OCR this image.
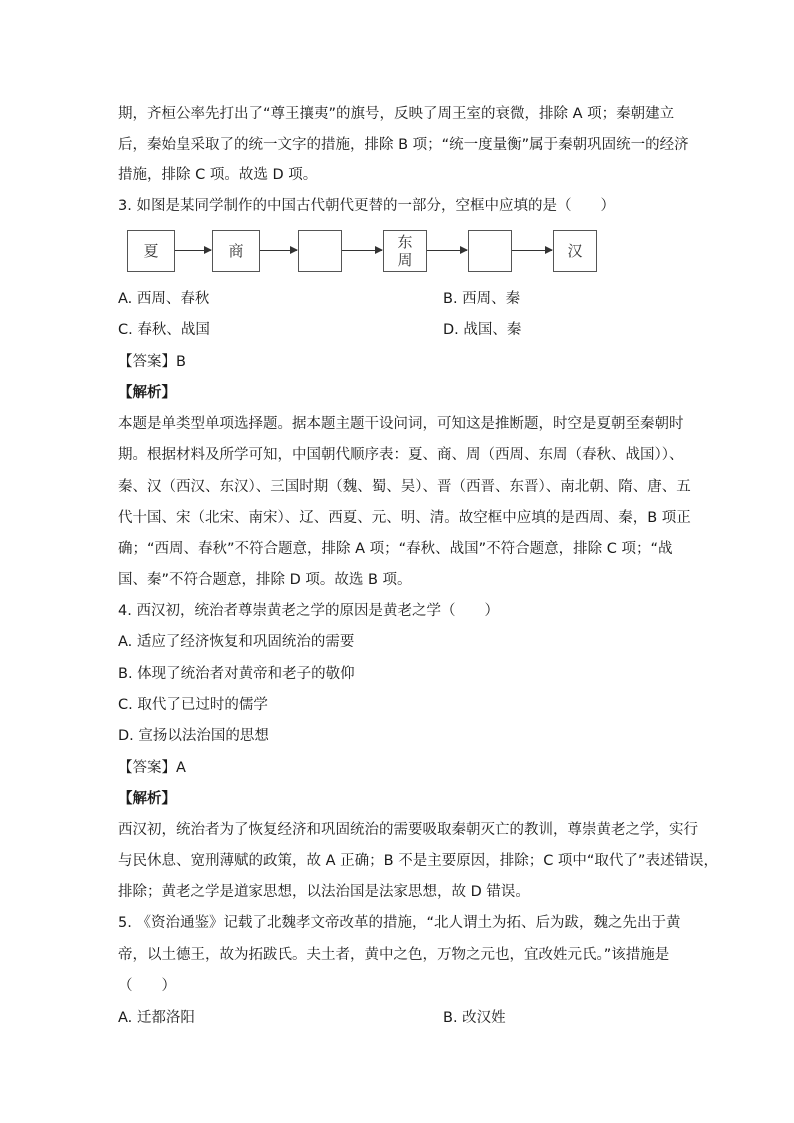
期，齐桓公率先打出了“尊王攘夷”的旗号，反映了周王室的衰微，排除 A 项；秦朝建立
后，秦始皇采取了的统一文字的措施，排除 B 项；“统一度量衡”属于秦朝巩固统一的经济
措施，排除 C 项。故选 D 项。
3. 如图是某同学制作的中国古代朝代更替的一部分，空框中应填的是（　　）
夏	商	东
周	汉
A. 西周、春秋	B. 西周、秦
C. 春秋、战国	D. 战国、秦
【答案】B
【解析】
本题是单类型单项选择题。据本题主题干设问词，可知这是推断题，时空是夏朝至秦朝时
期。根据材料及所学可知，中国朝代顺序表：夏、商、周（西周、东周（春秋、战国））、
秦、汉（西汉、东汉）、三国时期（魏、蜀、吴）、晋（西晋、东晋）、南北朝、隋、唐、五
代十国、宋（北宋、南宋）、辽、西夏、元、明、清。故空框中应填的是西周、秦，B 项正
确；“西周、春秋”不符合题意，排除 A 项；“春秋、战国”不符合题意，排除 C 项；“战
国、秦”不符合题意，排除 D 项。故选 B 项。
4. 西汉初，统治者尊崇黄老之学的原因是黄老之学（　　）
A. 适应了经济恢复和巩固统治的需要
B. 体现了统治者对黄帝和老子的敬仰
C. 取代了已过时的儒学
D. 宣扬以法治国的思想
【答案】A
【解析】
西汉初，统治者为了恢复经济和巩固统治的需要吸取秦朝灭亡的教训，尊崇黄老之学，实行
与民休息、宽刑薄赋的政策，故 A 正确；B 不是主要原因，排除；C 项中“取代了”表述错误，
排除；黄老之学是道家思想，以法治国是法家思想，故 D 错误。
5. 《资治通鉴》记载了北魏孝文帝改革的措施，“北人谓土为拓、后为跋，魏之先出于黄
帝，以土德王，故为拓跋氏。夫土者，黄中之色，万物之元也，宜改姓元氏。”该措施是
（　　）
A. 迁都洛阳	B. 改汉姓
